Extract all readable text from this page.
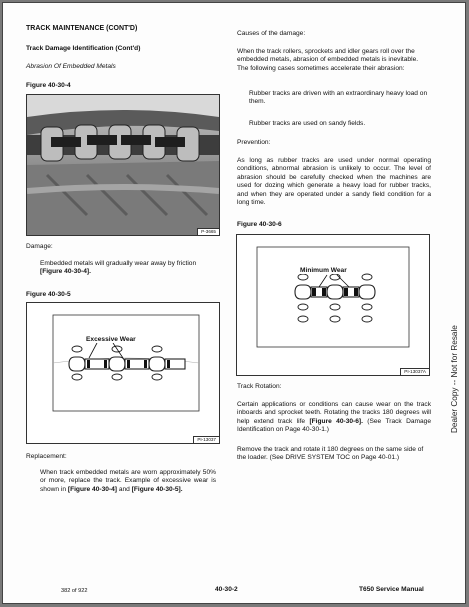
TRACK MAINTENANCE (CONT'D)

Track Damage Identification (Cont'd)

Abrasion Of Embedded Metals

Figure 40-30-4

P-3665

Damage:

Embedded metals will gradually wear away by friction [Figure 40-30-4].

Figure 40-30-5

Excessive Wear
PI-13037

Replacement:

When track embedded metals are worn approximately 50% or more, replace the track. Example of excessive wear is shown in [Figure 40-30-4] and [Figure 40-30-5].

Causes of the damage:

When the track rollers, sprockets and idler gears roll over the embedded metals, abrasion of embedded metals is inevitable. The following cases sometimes accelerate their abrasion:

Rubber tracks are driven with an extraordinary heavy load on them.

Rubber tracks are used on sandy fields.

Prevention:

As long as rubber tracks are used under normal operating conditions, abnormal abrasion is unlikely to occur. The level of abrasion should be carefully checked when the machines are used for dozing which generate a heavy load for rubber tracks, and when they are operated under a sandy field condition for a long time.

Figure 40-30-6

Minimum Wear
PI-13037A

Track Rotation:

Certain applications or conditions can cause wear on the track inboards and sprocket teeth. Rotating the tracks 180 degrees will help extend track life [Figure 40-30-6]. (See Track Damage Identification on Page 40-30-1.)

Remove the track and rotate it 180 degrees on the same side of the loader. (See DRIVE SYSTEM TOC on Page 40-01.)

Dealer Copy -- Not for Resale

382 of 922	40-30-2	T650 Service Manual
